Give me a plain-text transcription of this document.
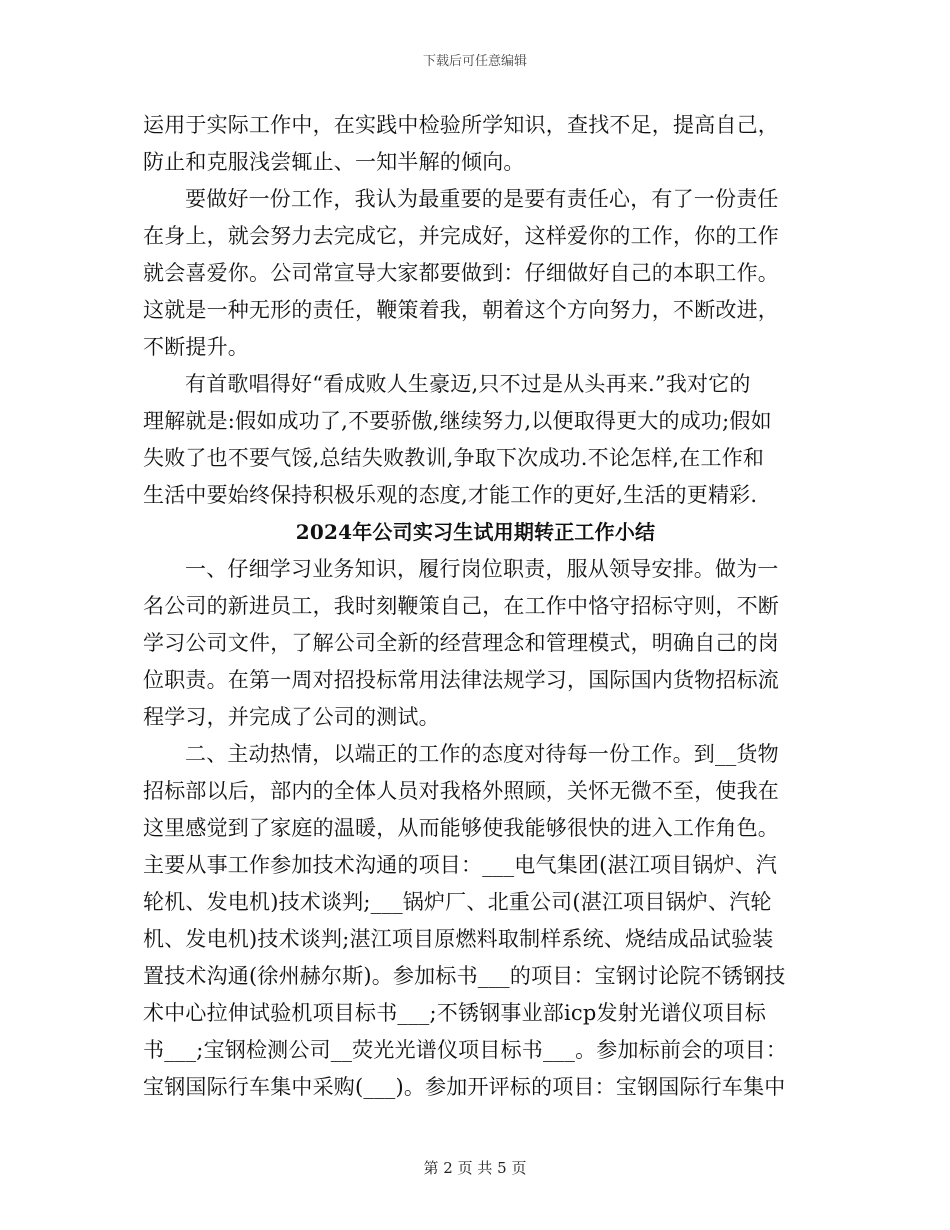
下载后可任意编辑
运用于实际工作中，在实践中检验所学知识，查找不足，提高自己，
防止和克服浅尝辄止、一知半解的倾向。
要做好一份工作，我认为最重要的是要有责任心，有了一份责任
在身上，就会努力去完成它，并完成好，这样爱你的工作，你的工作
就会喜爱你。公司常宣导大家都要做到：仔细做好自己的本职工作。
这就是一种无形的责任，鞭策着我，朝着这个方向努力，不断改进，
不断提升。
有首歌唱得好“看成败人生豪迈,只不过是从头再来.”我对它的
理解就是:假如成功了,不要骄傲,继续努力,以便取得更大的成功;假如
失败了也不要气馁,总结失败教训,争取下次成功.不论怎样,在工作和
生活中要始终保持积极乐观的态度,才能工作的更好,生活的更精彩.
2024年公司实习生试用期转正工作小结
一、仔细学习业务知识，履行岗位职责，服从领导安排。做为一
名公司的新进员工，我时刻鞭策自己，在工作中恪守招标守则，不断
学习公司文件，了解公司全新的经营理念和管理模式，明确自己的岗
位职责。在第一周对招投标常用法律法规学习，国际国内货物招标流
程学习，并完成了公司的测试。
二、主动热情，以端正的工作的态度对待每一份工作。到__货物
招标部以后，部内的全体人员对我格外照顾，关怀无微不至，使我在
这里感觉到了家庭的温暖，从而能够使我能够很快的进入工作角色。
主要从事工作参加技术沟通的项目：___电气集团(湛江项目锅炉、汽
轮机、发电机)技术谈判;___锅炉厂、北重公司(湛江项目锅炉、汽轮
机、发电机)技术谈判;湛江项目原燃料取制样系统、烧结成品试验装
置技术沟通(徐州赫尔斯)。参加标书___的项目：宝钢讨论院不锈钢技
术中心拉伸试验机项目标书___;不锈钢事业部icp发射光谱仪项目标
书___;宝钢检测公司__荧光光谱仪项目标书___。参加标前会的项目：
宝钢国际行车集中采购(___)。参加开评标的项目：宝钢国际行车集中
第 2 页 共 5 页
